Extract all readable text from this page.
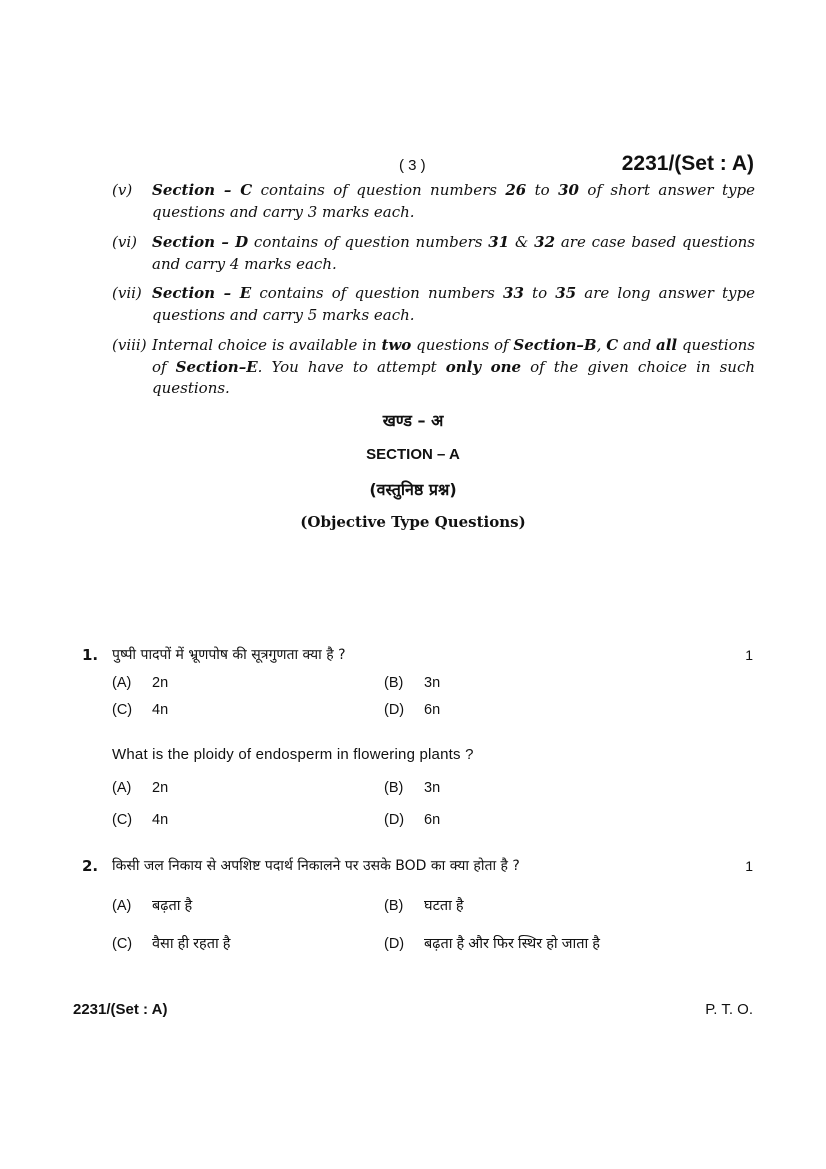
( 3 )	2231/(Set : A)
(v) Section – C contains of question numbers 26 to 30 of short answer type questions and carry 3 marks each.
(vi) Section – D contains of question numbers 31 & 32 are case based questions and carry 4 marks each.
(vii) Section – E contains of question numbers 33 to 35 are long answer type questions and carry 5 marks each.
(viii) Internal choice is available in two questions of Section–B, C and all questions of Section–E. You have to attempt only one of the given choice in such questions.
खण्ड – अ
SECTION – A
(वस्तुनिष्ठ प्रश्न)
(Objective Type Questions)
1. पुष्पी पादपों में भ्रूणपोष की सूत्रगुणता क्या है ?	1
(A) 2n	(B) 3n
(C) 4n	(D) 6n
What is the ploidy of endosperm in flowering plants ?
(A) 2n	(B) 3n
(C) 4n	(D) 6n
2. किसी जल निकाय से अपशिष्ट पदार्थ निकालने पर उसके BOD का क्या होता है ?	1
(A) बढ़ता है	(B) घटता है
(C) वैसा ही रहता है	(D) बढ़ता है और फिर स्थिर हो जाता है
2231/(Set : A)	P. T. O.
